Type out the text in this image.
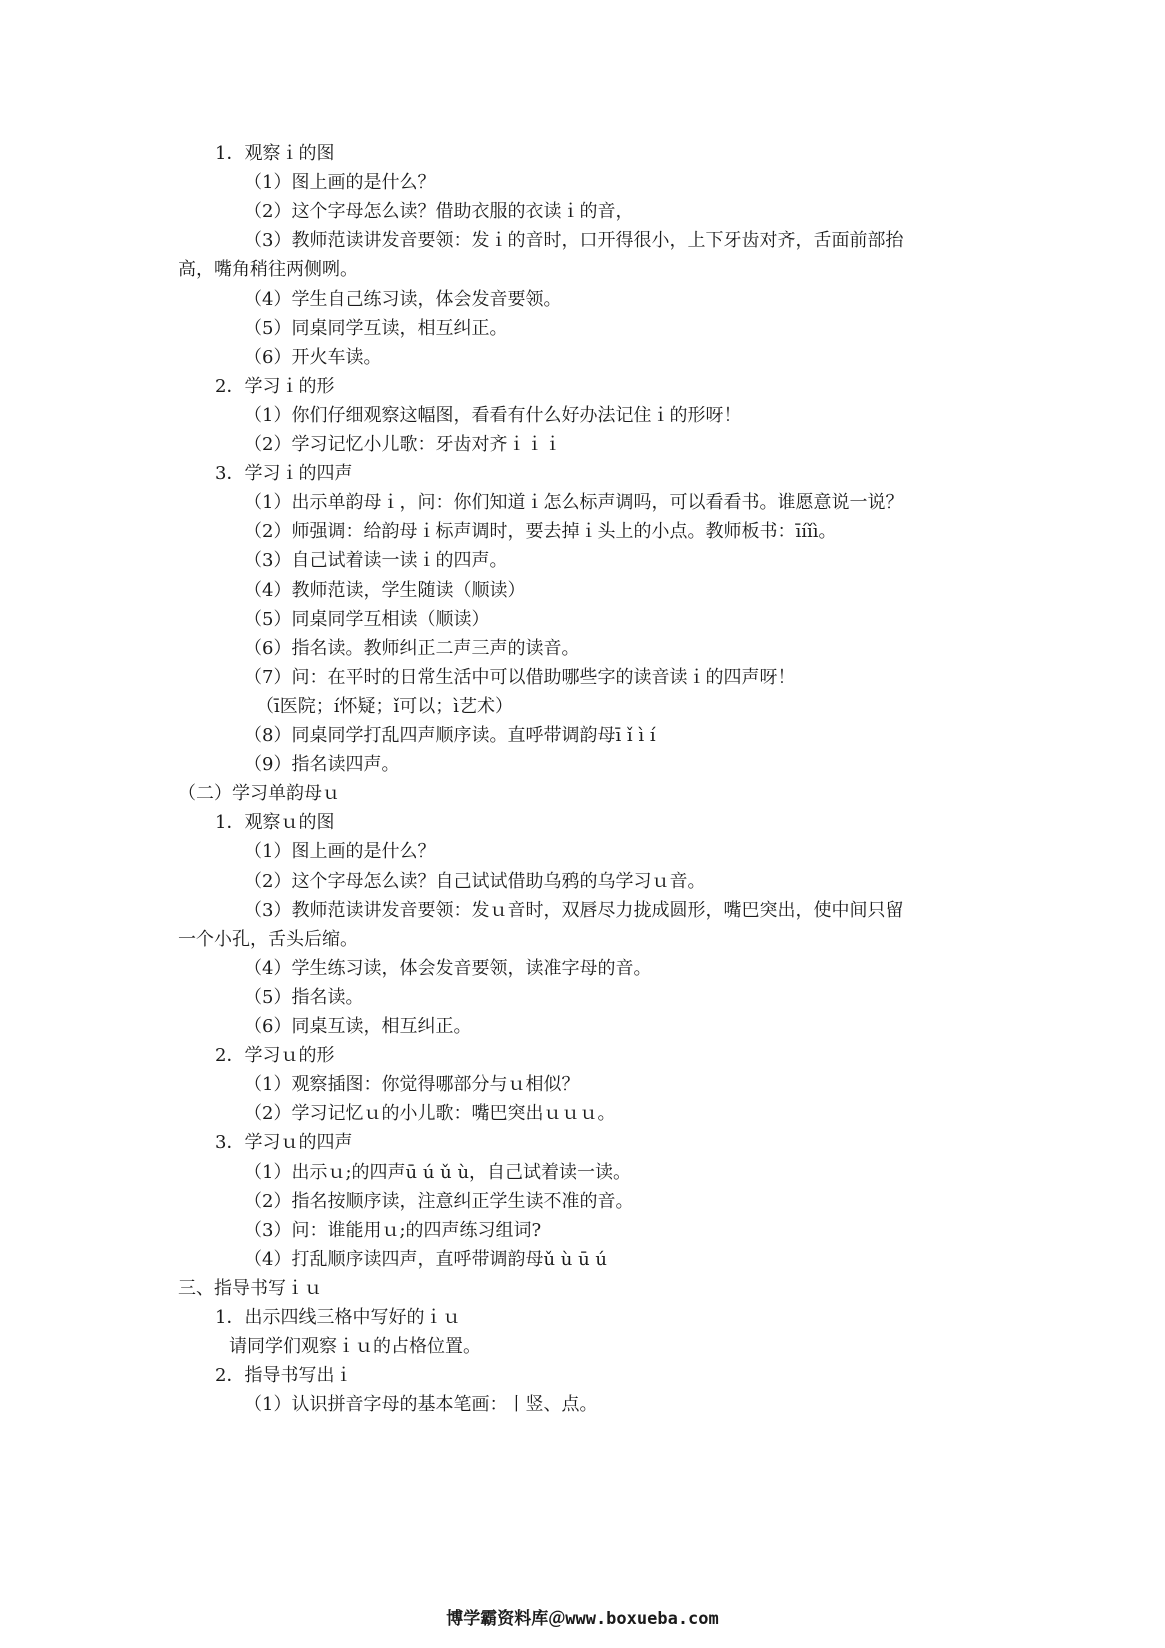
1．观察ｉ的图
（1）图上画的是什么？
（2）这个字母怎么读？借助衣服的衣读ｉ的音，
（3）教师范读讲发音要领：发ｉ的音时，口开得很小，上下牙齿对齐，舌面前部抬
高，嘴角稍往两侧咧。
（4）学生自己练习读，体会发音要领。
（5）同桌同学互读，相互纠正。
（6）开火车读。
2．学习ｉ的形
（1）你们仔细观察这幅图，看看有什么好办法记住ｉ的形呀！
（2）学习记忆小儿歌：牙齿对齐ｉｉｉ
3．学习ｉ的四声
（1）出示单韵母ｉ，问：你们知道ｉ怎么标声调吗，可以看看书。谁愿意说一说？
（2）师强调：给韵母ｉ标声调时，要去掉ｉ头上的小点。教师板书：īíǐì。
（3）自己试着读一读ｉ的四声。
（4）教师范读，学生随读（顺读）
（5）同桌同学互相读（顺读）
（6）指名读。教师纠正二声三声的读音。
（7）问：在平时的日常生活中可以借助哪些字的读音读ｉ的四声呀！
（ī医院；í怀疑；ǐ可以；ì艺术）
（8）同桌同学打乱四声顺序读。直呼带调韵母ī ǐ ì í
（9）指名读四声。
（二）学习单韵母ｕ
1．观察ｕ的图
（1）图上画的是什么？
（2）这个字母怎么读？自己试试借助乌鸦的乌学习ｕ音。
（3）教师范读讲发音要领：发ｕ音时，双唇尽力拢成圆形，嘴巴突出，使中间只留
一个小孔，舌头后缩。
（4）学生练习读，体会发音要领，读准字母的音。
（5）指名读。
（6）同桌互读，相互纠正。
2．学习ｕ的形
（1）观察插图：你觉得哪部分与ｕ相似？
（2）学习记忆ｕ的小儿歌：嘴巴突出ｕｕｕ。
3．学习ｕ的四声
（1）出示ｕ;的四声ū ú ǔ ù，自己试着读一读。
（2）指名按顺序读，注意纠正学生读不准的音。
（3）问：谁能用ｕ;的四声练习组词?
（4）打乱顺序读四声，直呼带调韵母ǔ ù ū ú
三、指导书写ｉｕ
1．出示四线三格中写好的ｉｕ
请同学们观察ｉｕ的占格位置。
2．指导书写出ｉ
（1）认识拼音字母的基本笔画：丨竖、点。
博学霸资料库＠www.boxueba.com
